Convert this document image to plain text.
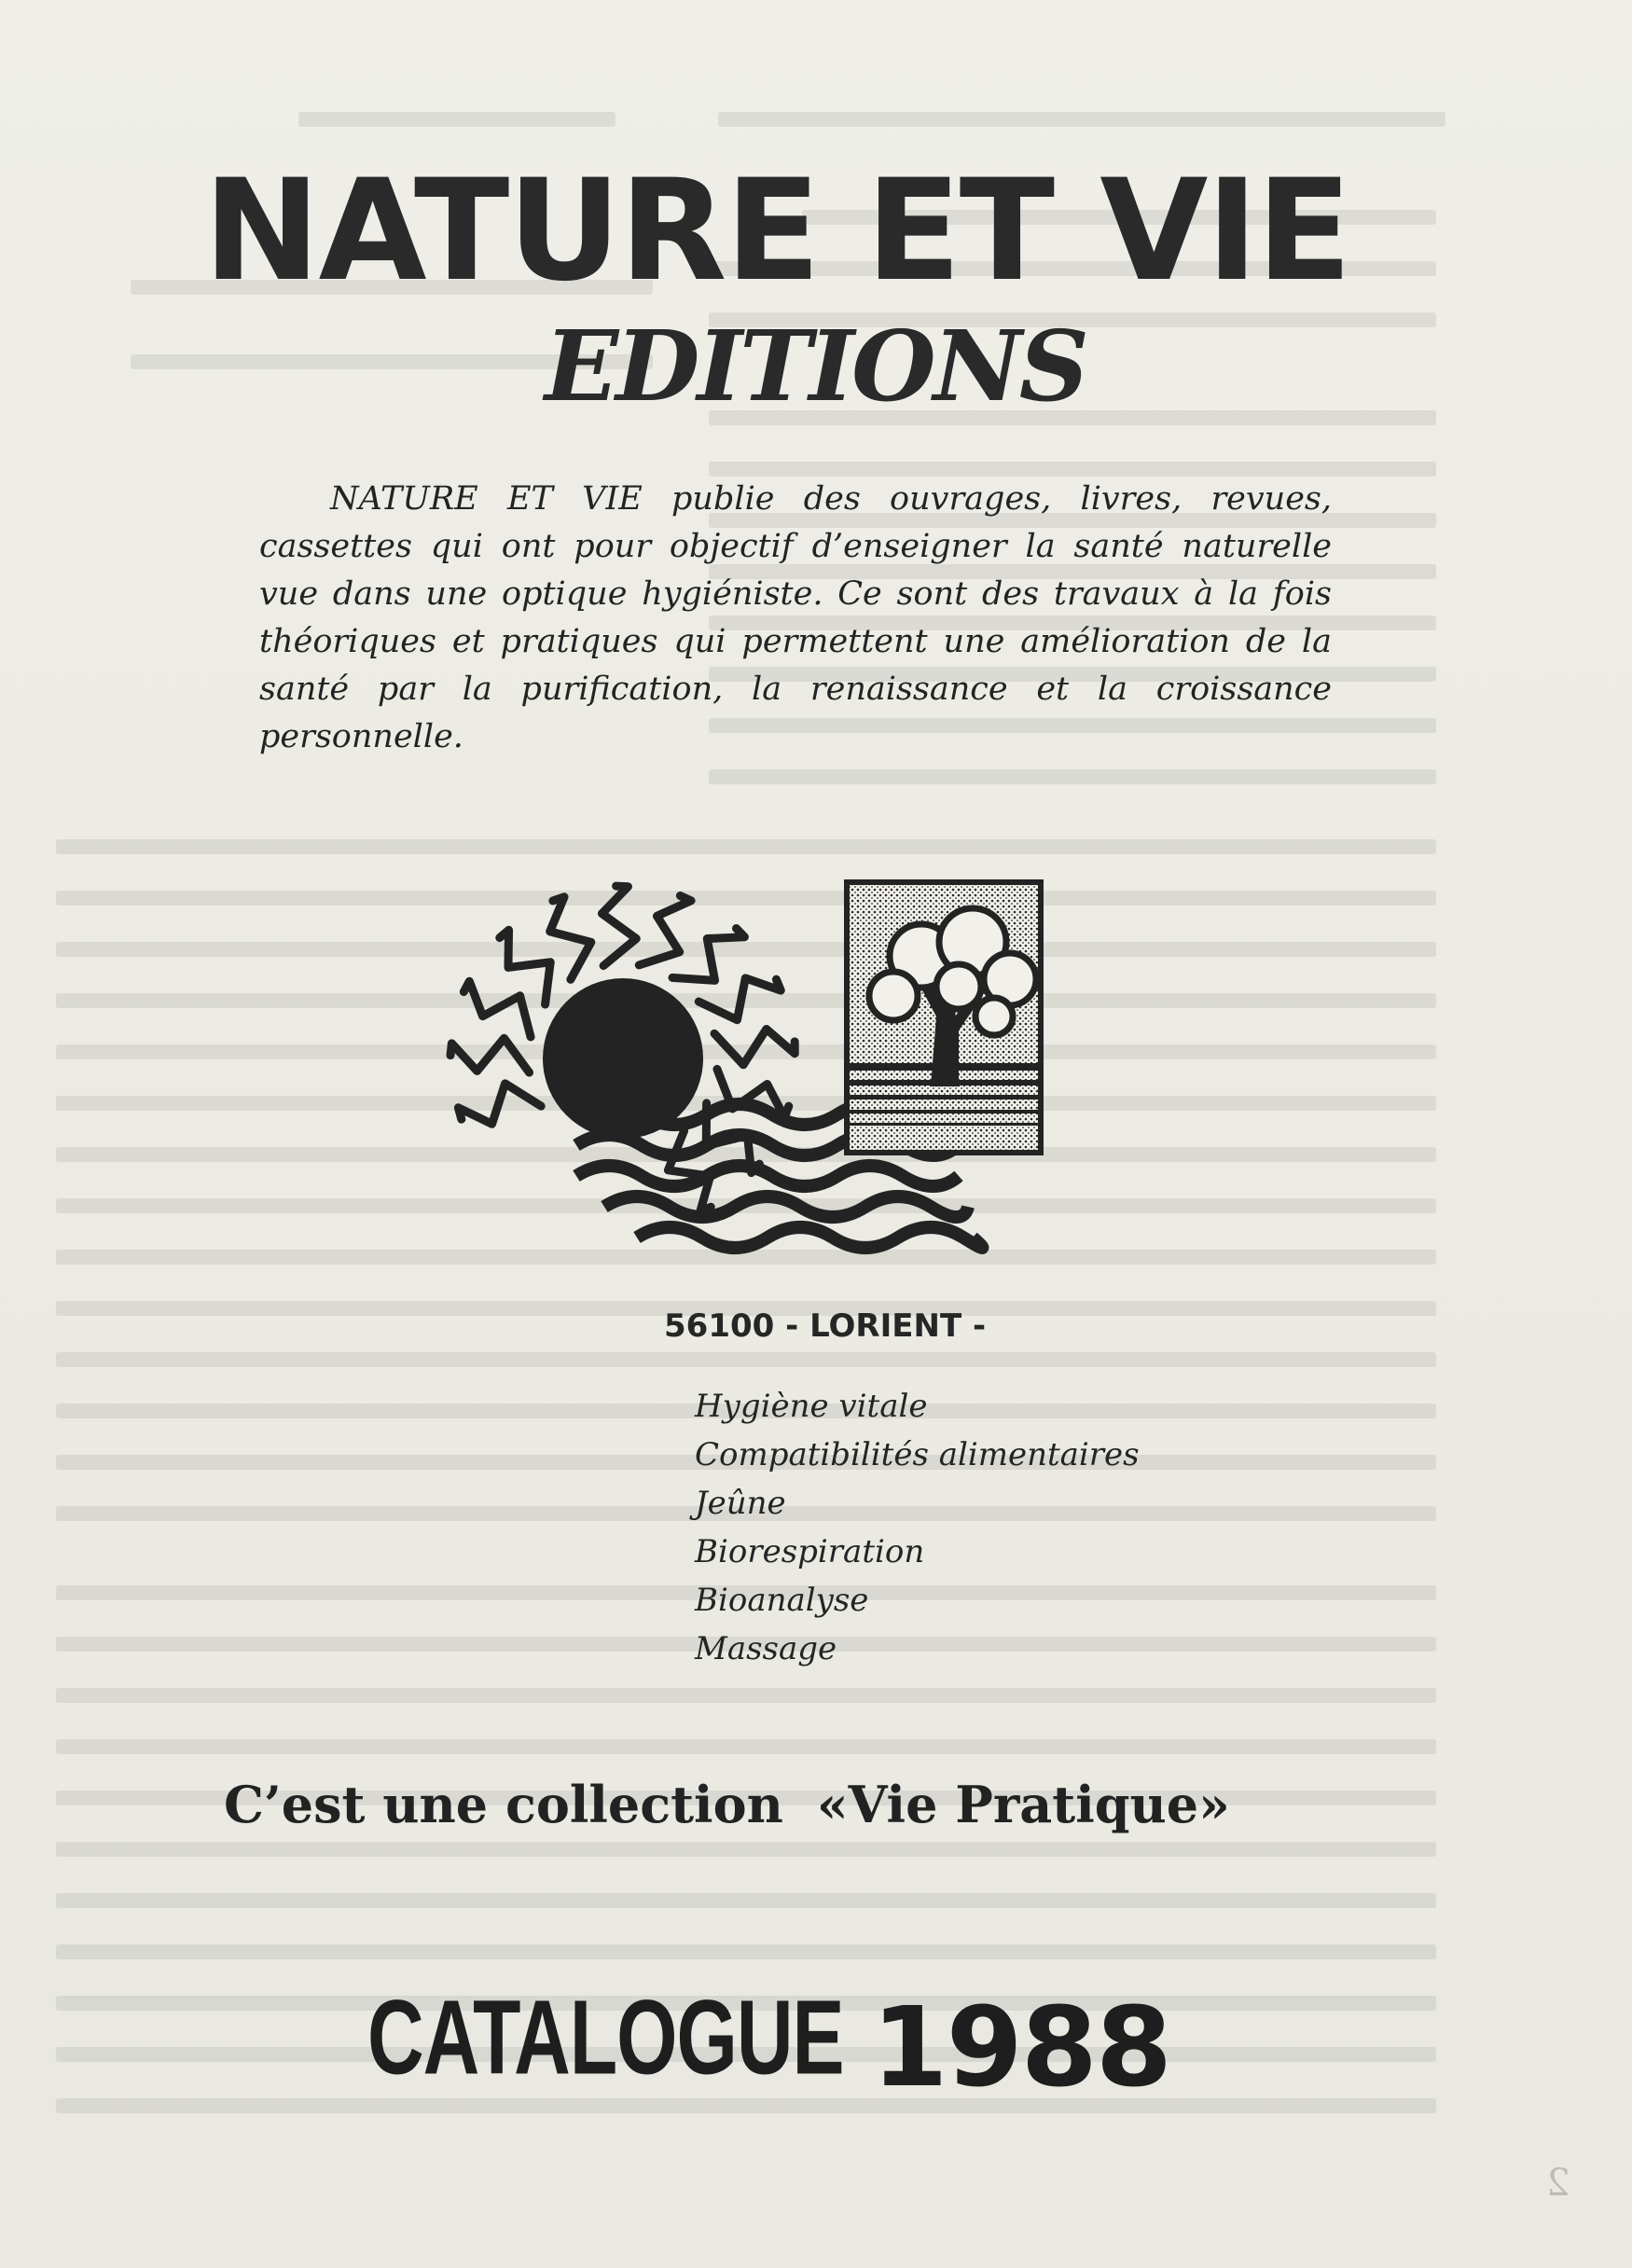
NATURE ET VIE
EDITIONS

NATURE ET VIE publie des ouvrages, livres, revues, cassettes qui ont pour objectif d’enseigner la santé naturelle vue dans une optique hygiéniste. Ce sont des travaux à la fois théoriques et pratiques qui permettent une amélioration de la santé par la purification, la renaissance et la croissance personnelle.

56100 - LORIENT -
Hygiène vitale
Compatibilités alimentaires
Jeûne
Biorespiration
Bioanalyse
Massage
C’est une collection «Vie Pratique»
CATALOGUE 1988
2
